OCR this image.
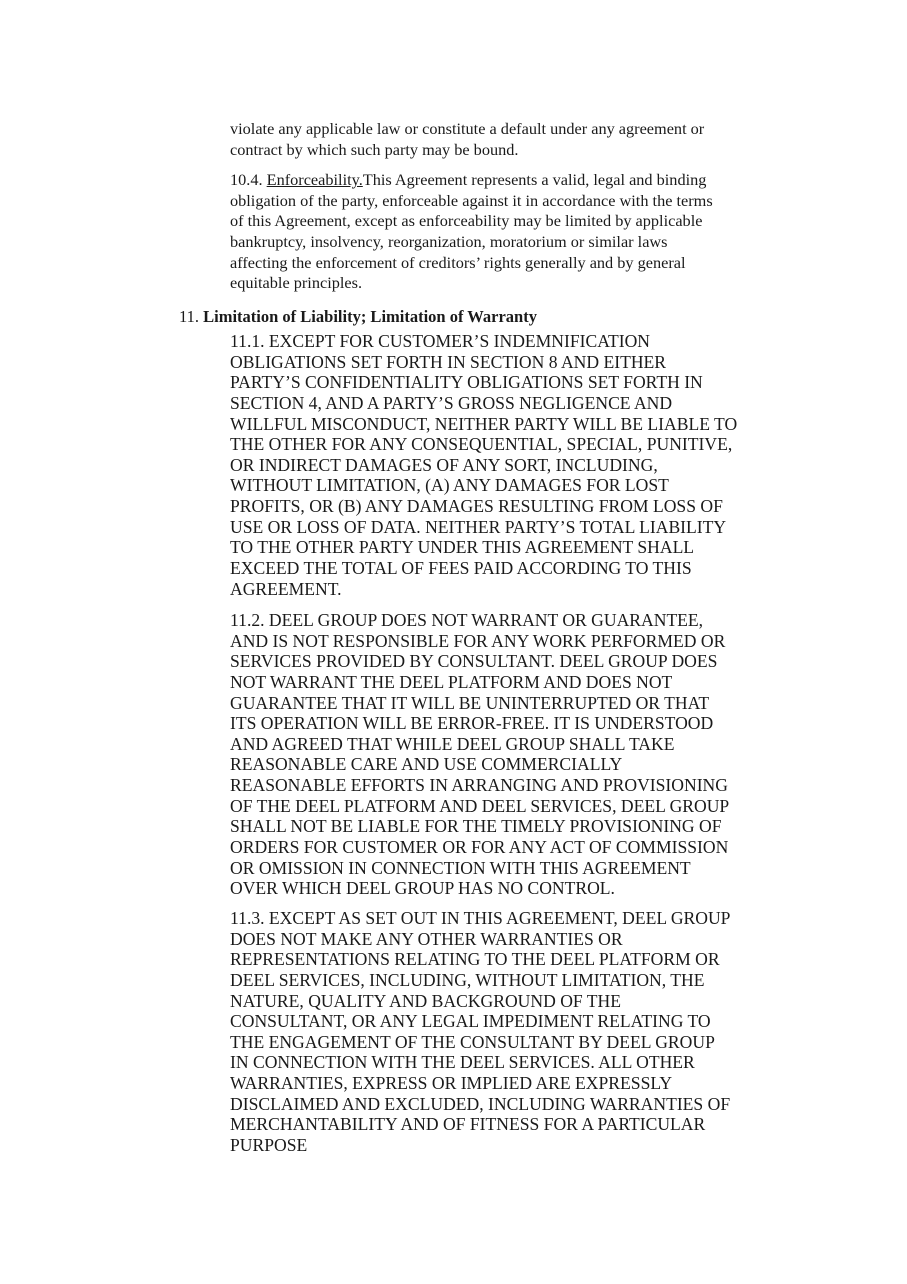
violate any applicable law or constitute a default under any agreement or
contract by which such party may be bound.
10.4. Enforceability.This Agreement represents a valid, legal and binding
obligation of the party, enforceable against it in accordance with the terms
of this Agreement, except as enforceability may be limited by applicable
bankruptcy, insolvency, reorganization, moratorium or similar laws
affecting the enforcement of creditors’ rights generally and by general
equitable principles.
11. Limitation of Liability; Limitation of Warranty
11.1. EXCEPT FOR CUSTOMER’S INDEMNIFICATION
OBLIGATIONS SET FORTH IN SECTION 8 AND EITHER
PARTY’S CONFIDENTIALITY OBLIGATIONS SET FORTH IN
SECTION 4, AND A PARTY’S GROSS NEGLIGENCE AND
WILLFUL MISCONDUCT, NEITHER PARTY WILL BE LIABLE TO
THE OTHER FOR ANY CONSEQUENTIAL, SPECIAL, PUNITIVE,
OR INDIRECT DAMAGES OF ANY SORT, INCLUDING,
WITHOUT LIMITATION, (A) ANY DAMAGES FOR LOST
PROFITS, OR (B) ANY DAMAGES RESULTING FROM LOSS OF
USE OR LOSS OF DATA. NEITHER PARTY’S TOTAL LIABILITY
TO THE OTHER PARTY UNDER THIS AGREEMENT SHALL
EXCEED THE TOTAL OF FEES PAID ACCORDING TO THIS
AGREEMENT.
11.2. DEEL GROUP DOES NOT WARRANT OR GUARANTEE,
AND IS NOT RESPONSIBLE FOR ANY WORK PERFORMED OR
SERVICES PROVIDED BY CONSULTANT. DEEL GROUP DOES
NOT WARRANT THE DEEL PLATFORM AND DOES NOT
GUARANTEE THAT IT WILL BE UNINTERRUPTED OR THAT
ITS OPERATION WILL BE ERROR-FREE. IT IS UNDERSTOOD
AND AGREED THAT WHILE DEEL GROUP SHALL TAKE
REASONABLE CARE AND USE COMMERCIALLY
REASONABLE EFFORTS IN ARRANGING AND PROVISIONING
OF THE DEEL PLATFORM AND DEEL SERVICES, DEEL GROUP
SHALL NOT BE LIABLE FOR THE TIMELY PROVISIONING OF
ORDERS FOR CUSTOMER OR FOR ANY ACT OF COMMISSION
OR OMISSION IN CONNECTION WITH THIS AGREEMENT
OVER WHICH DEEL GROUP HAS NO CONTROL.
11.3. EXCEPT AS SET OUT IN THIS AGREEMENT, DEEL GROUP
DOES NOT MAKE ANY OTHER WARRANTIES OR
REPRESENTATIONS RELATING TO THE DEEL PLATFORM OR
DEEL SERVICES, INCLUDING, WITHOUT LIMITATION, THE
NATURE, QUALITY AND BACKGROUND OF THE
CONSULTANT, OR ANY LEGAL IMPEDIMENT RELATING TO
THE ENGAGEMENT OF THE CONSULTANT BY DEEL GROUP
IN CONNECTION WITH THE DEEL SERVICES. ALL OTHER
WARRANTIES, EXPRESS OR IMPLIED ARE EXPRESSLY
DISCLAIMED AND EXCLUDED, INCLUDING WARRANTIES OF
MERCHANTABILITY AND OF FITNESS FOR A PARTICULAR
PURPOSE
